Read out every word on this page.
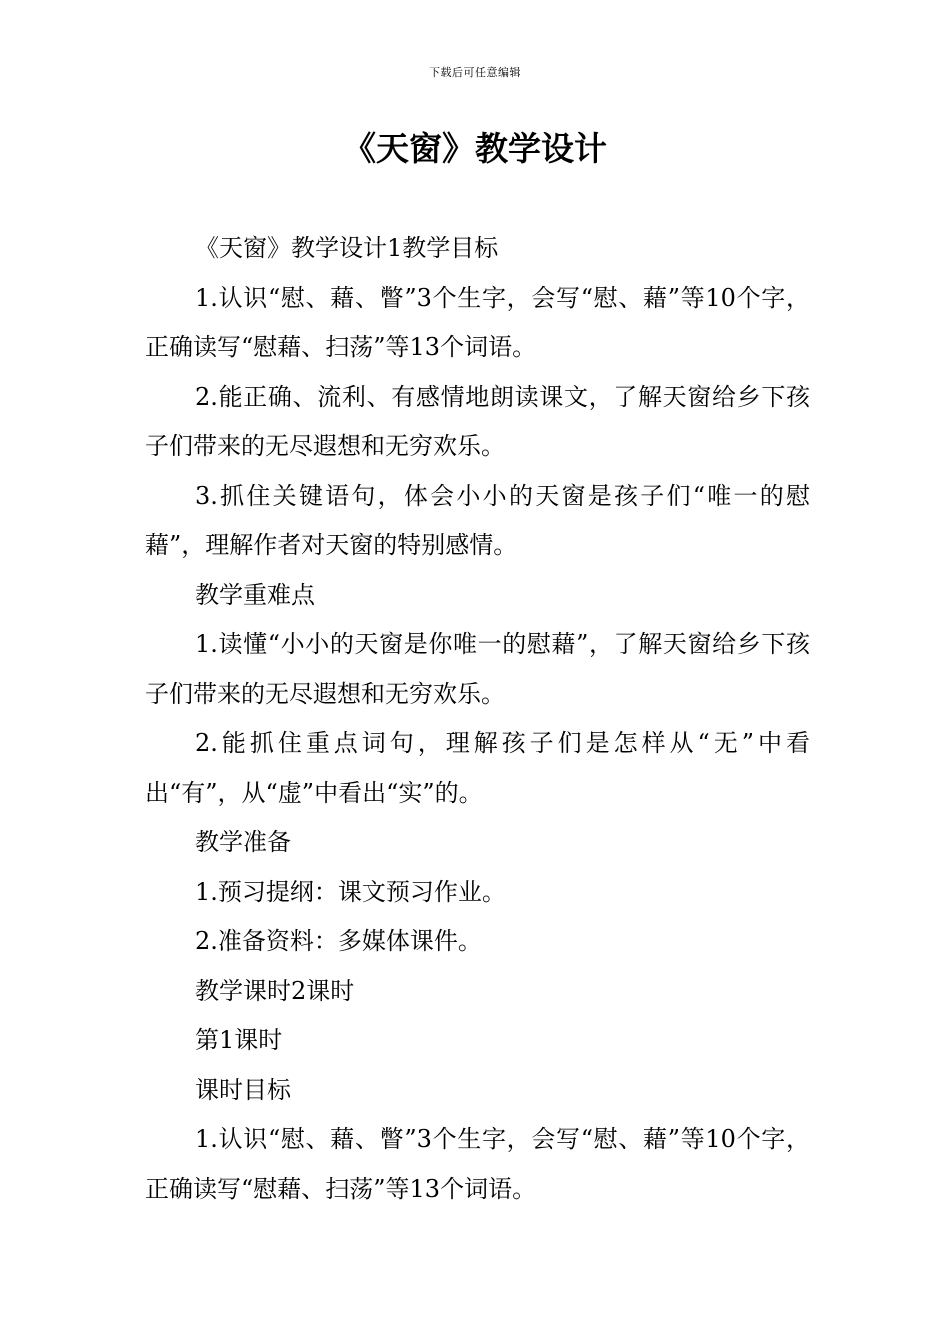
下载后可任意编辑
《天窗》教学设计

《天窗》教学设计1教学目标

1.认识“慰、藉、瞥”3个生字，会写“慰、藉”等10个字，正确读写“慰藉、扫荡”等13个词语。

2.能正确、流利、有感情地朗读课文，了解天窗给乡下孩子们带来的无尽遐想和无穷欢乐。

3.抓住关键语句，体会小小的天窗是孩子们“唯一的慰藉”，理解作者对天窗的特别感情。

教学重难点

1.读懂“小小的天窗是你唯一的慰藉”，了解天窗给乡下孩子们带来的无尽遐想和无穷欢乐。

2.能抓住重点词句，理解孩子们是怎样从“无”中看出“有”，从“虚”中看出“实”的。

教学准备

1.预习提纲：课文预习作业。

2.准备资料：多媒体课件。

教学课时2课时

第1课时

课时目标

1.认识“慰、藉、瞥”3个生字，会写“慰、藉”等10个字，正确读写“慰藉、扫荡”等13个词语。
